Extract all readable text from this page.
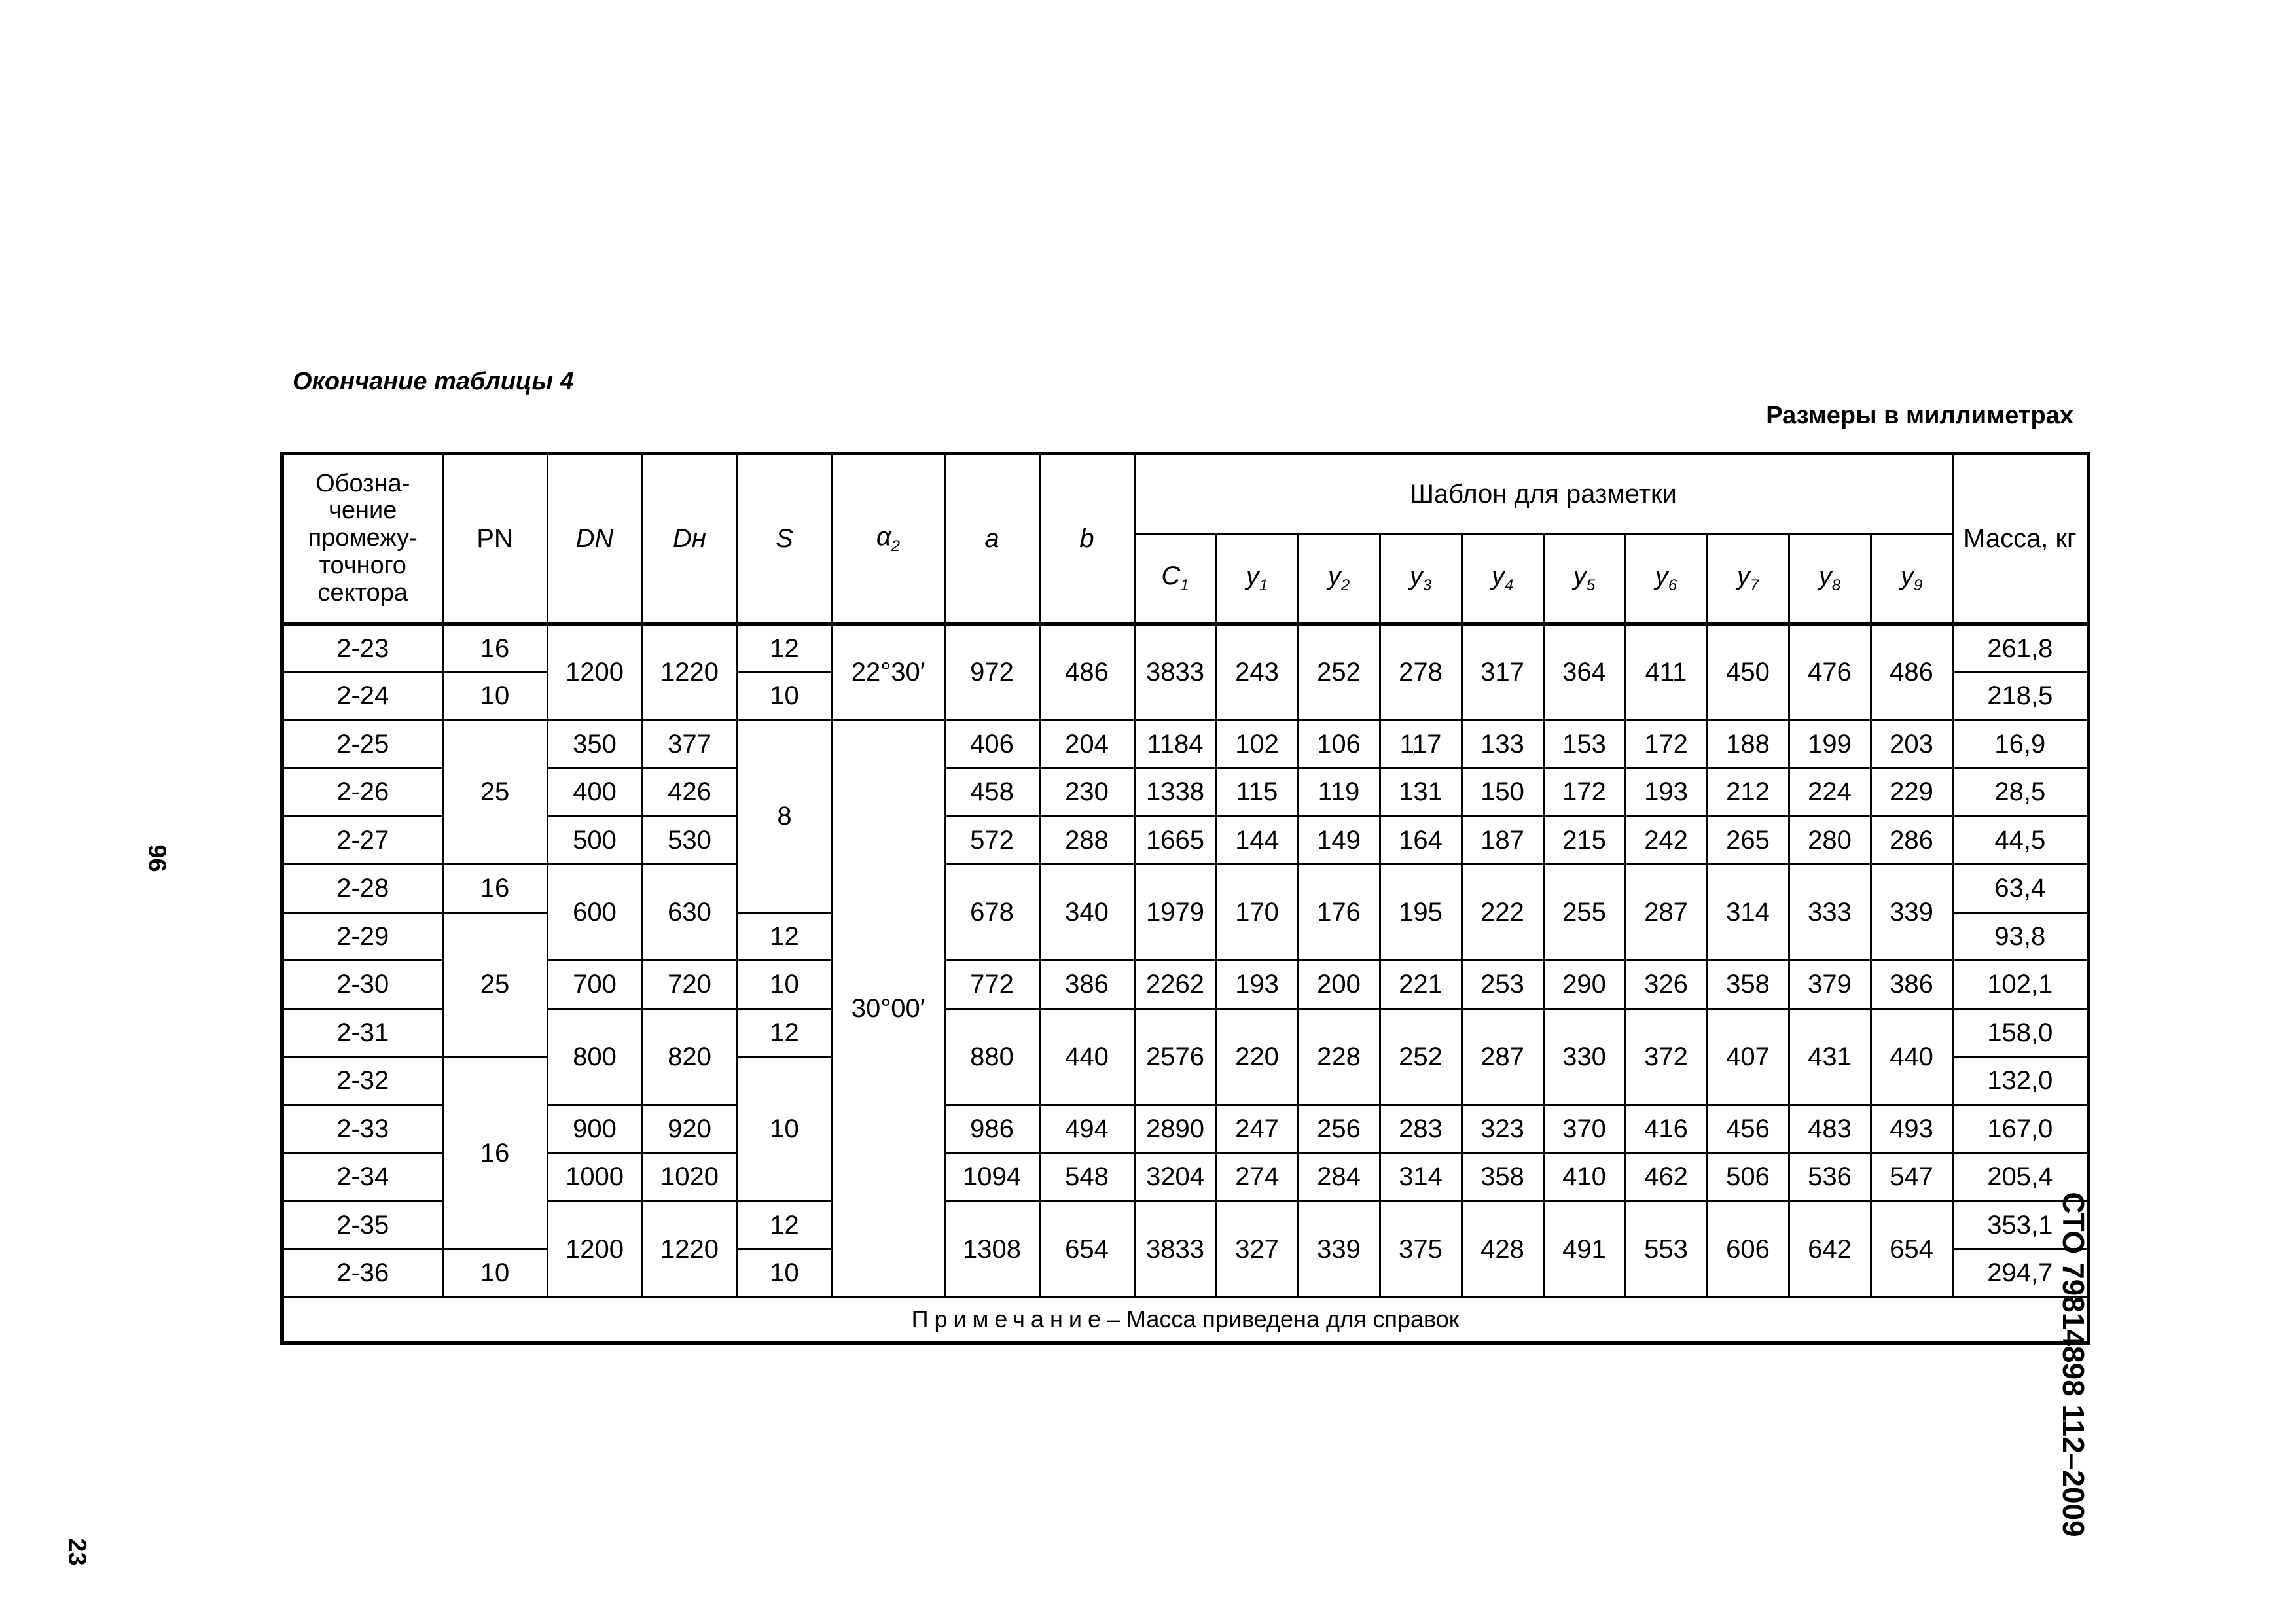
Окончание таблицы 4
Размеры в миллиметрах
96
23
СТО 79814898 112–2009
Обозна-чение промежу-точного сектора	PN	DN	Dн	S	$\alpha_2$	a	b	Шаблон для разметки										Масса, кг
								$C_1$	$y_1$	$y_2$	$y_3$	$y_4$	$y_5$	$y_6$	$y_7$	$y_8$	$y_9$
2-23	16	1200	1220	12	22°30′	972	486	3833	243	252	278	317	364	411	450	476	486	261,8
2-24	10			10														218,5
2-25	25	350	377	8	30°00′	406	204	1184	102	106	117	133	153	172	188	199	203	16,9
2-26		400	426			458	230	1338	115	119	131	150	172	193	212	224	229	28,5
2-27		500	530			572	288	1665	144	149	164	187	215	242	265	280	286	44,5
2-28	16	600	630			678	340	1979	170	176	195	222	255	287	314	333	339	63,4
2-29	25			12														93,8
2-30		700	720	10		772	386	2262	193	200	221	253	290	326	358	379	386	102,1
2-31		800	820	12		880	440	2576	220	228	252	287	330	372	407	431	440	158,0
2-32	16			10														132,0
2-33		900	920			986	494	2890	247	256	283	323	370	416	456	483	493	167,0
2-34		1000	1020			1094	548	3204	274	284	314	358	410	462	506	536	547	205,4
2-35		1200	1220	12		1308	654	3833	327	339	375	428	491	553	606	642	654	353,1
2-36	10			10														294,7
Примечание– Масса приведена для справок																		
